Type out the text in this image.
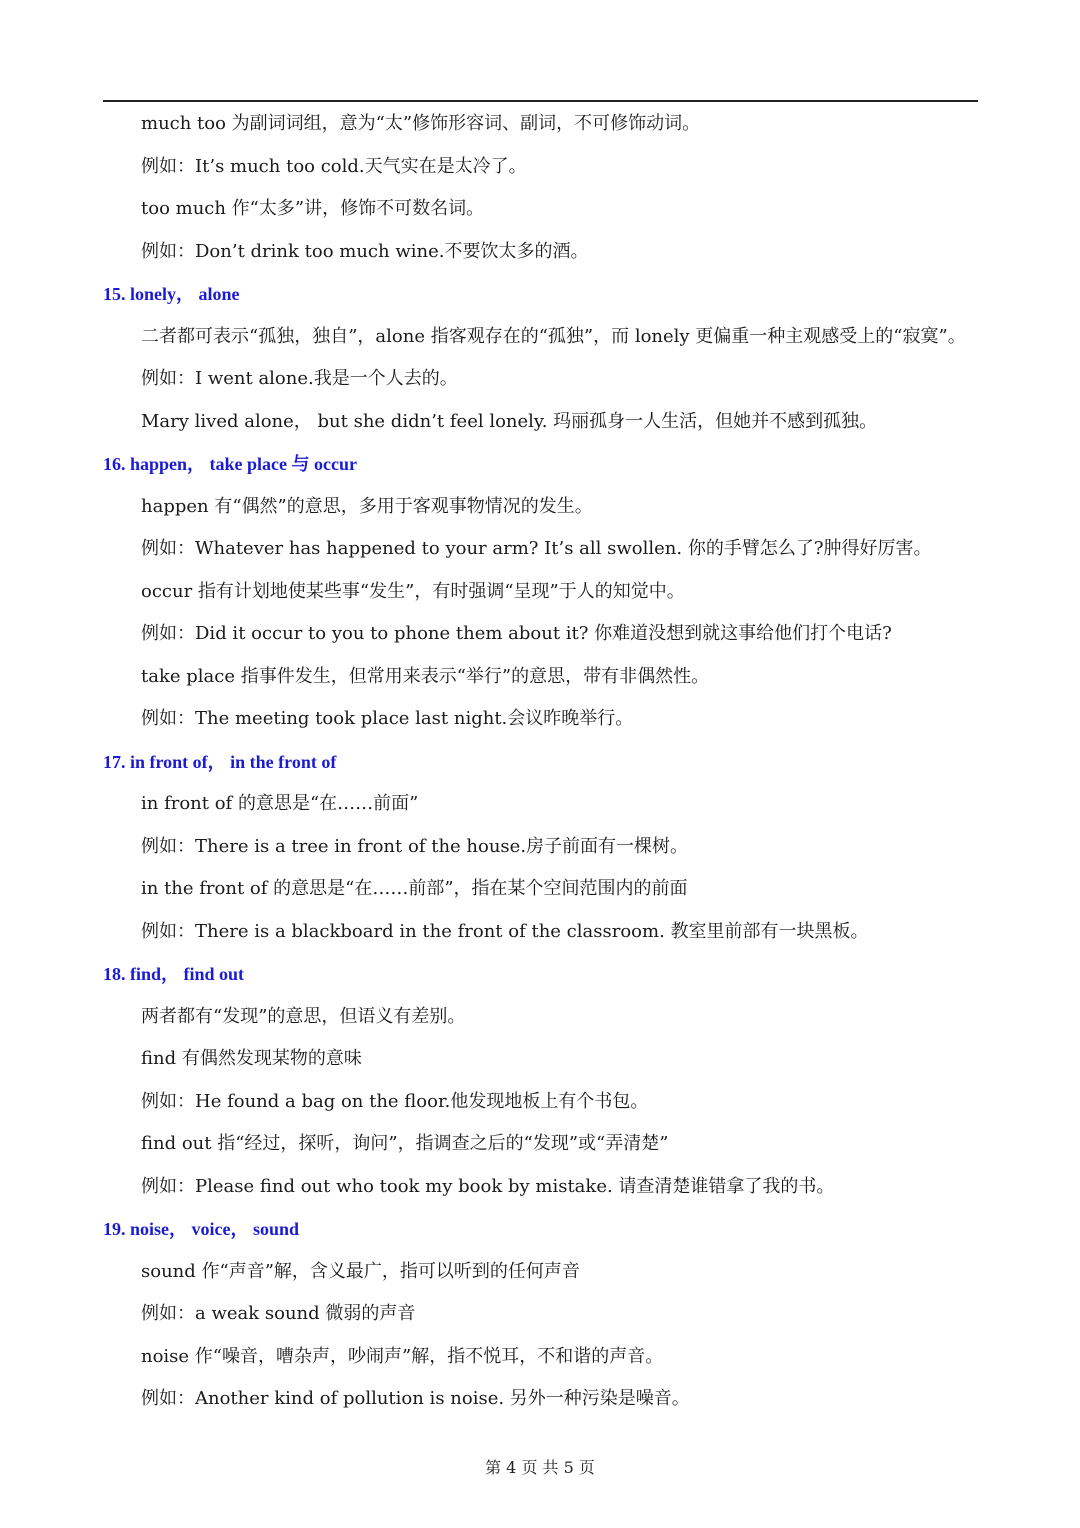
much too 为副词词组，意为“太”修饰形容词、副词，不可修饰动词。
例如：It’s much too cold.天气实在是太冷了。
too much 作“太多”讲，修饰不可数名词。
例如：Don’t drink too much wine.不要饮太多的酒。
15. lonely， alone
二者都可表示“孤独，独自”，alone 指客观存在的“孤独”，而 lonely 更偏重一种主观感受上的“寂寞”。
例如：I went alone.我是一个人去的。
Mary lived alone， but she didn’t feel lonely. 玛丽孤身一人生活，但她并不感到孤独。
16. happen， take place 与 occur
happen 有“偶然”的意思，多用于客观事物情况的发生。
例如：Whatever has happened to your arm? It’s all swollen. 你的手臂怎么了?肿得好厉害。
occur 指有计划地使某些事“发生”，有时强调“呈现”于人的知觉中。
例如：Did it occur to you to phone them about it? 你难道没想到就这事给他们打个电话?
take place 指事件发生，但常用来表示“举行”的意思，带有非偶然性。
例如：The meeting took place last night.会议昨晚举行。
17. in front of， in the front of
in front of 的意思是“在……前面”
例如：There is a tree in front of the house.房子前面有一棵树。
in the front of 的意思是“在……前部”，指在某个空间范围内的前面
例如：There is a blackboard in the front of the classroom. 教室里前部有一块黑板。
18. find， find out
两者都有“发现”的意思，但语义有差别。
find 有偶然发现某物的意味
例如：He found a bag on the floor.他发现地板上有个书包。
find out 指“经过，探听，询问”，指调查之后的“发现”或“弄清楚”
例如：Please find out who took my book by mistake. 请查清楚谁错拿了我的书。
19. noise， voice， sound
sound 作“声音”解，含义最广，指可以听到的任何声音
例如：a weak sound 微弱的声音
noise 作“噪音，嘈杂声，吵闹声”解，指不悦耳，不和谐的声音。
例如：Another kind of pollution is noise. 另外一种污染是噪音。
第 4 页 共 5 页
